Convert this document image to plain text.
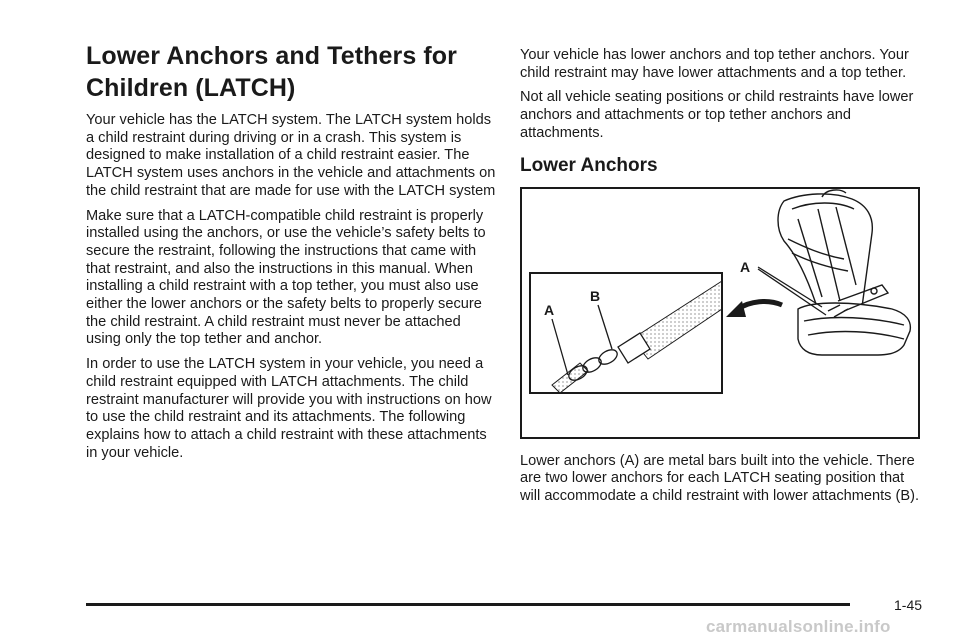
Lower Anchors and Tethers for Children (LATCH)

Your vehicle has the LATCH system. The LATCH system holds a child restraint during driving or in a crash. This system is designed to make installation of a child restraint easier. The LATCH system uses anchors in the vehicle and attachments on the child restraint that are made for use with the LATCH system

Make sure that a LATCH-compatible child restraint is properly installed using the anchors, or use the vehicle’s safety belts to secure the restraint, following the instructions that came with that restraint, and also the instructions in this manual. When installing a child restraint with a top tether, you must also use either the lower anchors or the safety belts to properly secure the child restraint. A child restraint must never be attached using only the top tether and anchor.

In order to use the LATCH system in your vehicle, you need a child restraint equipped with LATCH attachments. The child restraint manufacturer will provide you with instructions on how to use the child restraint and its attachments. The following explains how to attach a child restraint with these attachments in your vehicle.

Your vehicle has lower anchors and top tether anchors. Your child restraint may have lower attachments and a top tether.

Not all vehicle seating positions or child restraints have lower anchors and attachments or top tether anchors and attachments.

Lower Anchors
A
A
B

Lower anchors (A) are metal bars built into the vehicle. There are two lower anchors for each LATCH seating position that will accommodate a child restraint with lower attachments (B).

1-45
carmanualsonline.info
